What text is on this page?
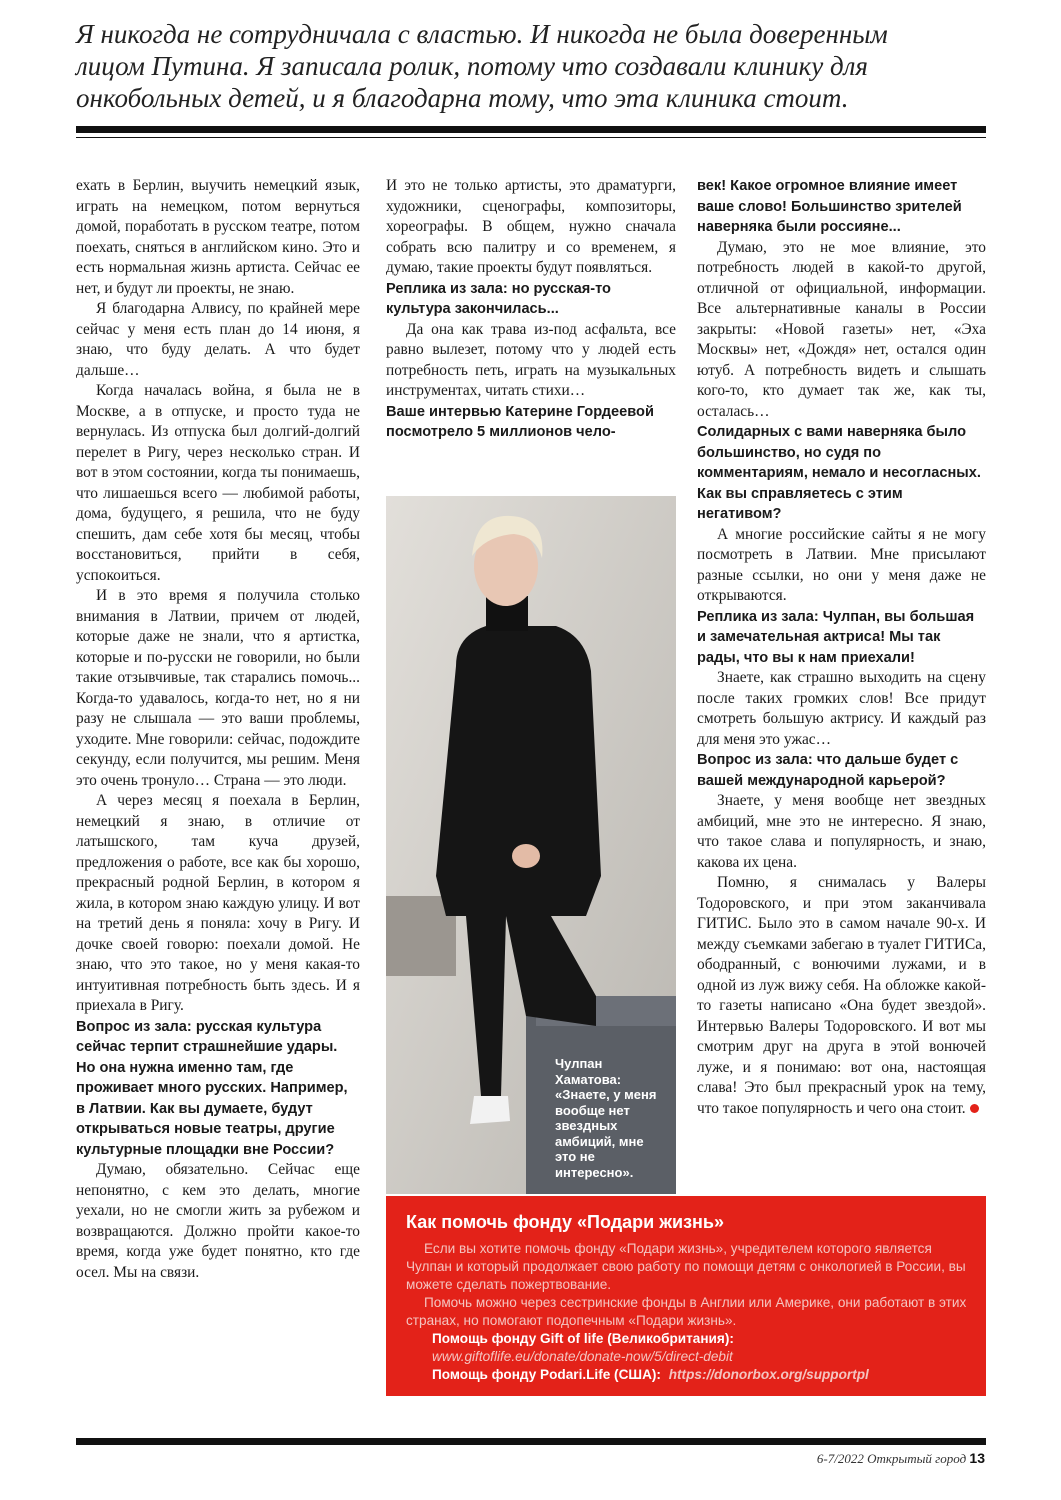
Я никогда не сотрудничала с властью. И никогда не была доверенным

лицом Путина. Я записала ролик, потому что создавали клинику для

онкобольных детей, и я благодарна тому, что эта клиника стоит.

ехать в Берлин, выучить немецкий язык, играть на немецком, потом вернуться домой, поработать в русском театре, потом поехать, сняться в английском кино. Это и есть нормальная жизнь артиста. Сейчас ее нет, и будут ли проекты, не знаю.

Я благодарна Алвису, по крайней мере сейчас у меня есть план до 14 июня, я знаю, что буду делать. А что будет дальше…

Когда началась война, я была не в Москве, а в отпуске, и просто туда не вернулась. Из отпуска был долгий-долгий перелет в Ригу, через несколько стран. И вот в этом состоянии, когда ты понимаешь, что лишаешься всего — любимой работы, дома, будущего, я решила, что не буду спешить, дам себе хотя бы месяц, чтобы восстановиться, прийти в себя, успокоиться.

И в это время я получила столько внимания в Латвии, причем от людей, которые даже не знали, что я артистка, которые и по-русски не говорили, но были такие отзывчивые, так старались помочь... Когда-то удавалось, когда-то нет, но я ни разу не слышала — это ваши проблемы, уходите. Мне говорили: сейчас, подождите секунду, если получится, мы решим. Меня это очень тронуло… Страна — это люди.

А через месяц я поехала в Берлин, немецкий я знаю, в отличие от латышского, там куча друзей, предложения о работе, все как бы хорошо, прекрасный родной Берлин, в котором я жила, в котором знаю каждую улицу. И вот на третий день я поняла: хочу в Ригу. И дочке своей говорю: поехали домой. Не знаю, что это такое, но у меня какая-то интуитивная потребность быть здесь. И я приехала в Ригу.

Вопрос из зала: русская культура сейчас терпит страшнейшие удары. Но она нужна именно там, где проживает много русских. Например, в Латвии. Как вы думаете, будут открываться новые театры, другие культурные площадки вне России?

Думаю, обязательно. Сейчас еще непонятно, с кем это делать, многие уехали, но не смогли жить за рубежом и возвращаются. Должно пройти какое-то время, когда уже будет понятно, кто где осел. Мы на связи.

И это не только артисты, это драматурги, художники, сценографы, композиторы, хореографы. В общем, нужно сначала собрать всю палитру и со временем, я думаю, такие проекты будут появляться.

Реплика из зала: но русская-то культура закончилась...

Да она как трава из-под асфальта, все равно вылезет, потому что у людей есть потребность петь, играть на музыкальных инструментах, читать стихи…

Ваше интервью Катерине Гордеевой посмотрело 5 миллионов чело-

Чулпан Хаматова: «Знаете, у меня вообще нет звездных амбиций, мне это не интересно».

век! Какое огромное влияние имеет ваше слово! Большинство зрителей наверняка были россияне...

Думаю, это не мое влияние, это потребность людей в какой-то другой, отличной от официальной, информации. Все альтернативные каналы в России закрыты: «Новой газеты» нет, «Эха Москвы» нет, «Дождя» нет, остался один ютуб. А потребность видеть и слышать кого-то, кто думает так же, как ты, осталась…

Солидарных с вами наверняка было большинство, но судя по комментариям, немало и несогласных. Как вы справляетесь с этим негативом?

А многие российские сайты я не могу посмотреть в Латвии. Мне присылают разные ссылки, но они у меня даже не открываются.

Реплика из зала: Чулпан, вы большая и замечательная актриса! Мы так рады, что вы к нам приехали!

Знаете, как страшно выходить на сцену после таких громких слов! Все придут смотреть большую актрису. И каждый раз для меня это ужас…

Вопрос из зала: что дальше будет с вашей международной карьерой?

Знаете, у меня вообще нет звездных амбиций, мне это не интересно. Я знаю, что такое слава и популярность, и знаю, какова их цена.

Помню, я снималась у Валеры Тодоровского, и при этом заканчивала ГИТИС. Было это в самом начале 90-х. И между съемками забегаю в туалет ГИТИСа, ободранный, с вонючими лужами, и в одной из луж вижу себя. На обложке какой-то газеты написано «Она будет звездой». Интервью Валеры Тодоровского. И вот мы смотрим друг на друга в этой вонючей луже, и я понимаю: вот она, настоящая слава! Это был прекрасный урок на тему, что такое популярность и чего она стоит.

Как помочь фонду «Подари жизнь»

Если вы хотите помочь фонду «Подари жизнь», учредителем которого является Чулпан и который продолжает свою работу по помощи детям с онкологией в России, вы можете сделать пожертвование.

Помочь можно через сестринские фонды в Англии или Америке, они работают в этих странах, но помогают подопечным «Подари жизнь».

Помощь фонду Gift of life (Великобритания):
www.giftoflife.eu/donate/donate-now/5/direct-debit
Помощь фонду Podari.Life (США): https://donorbox.org/supportpl
6-7/2022 Открытый город 13
